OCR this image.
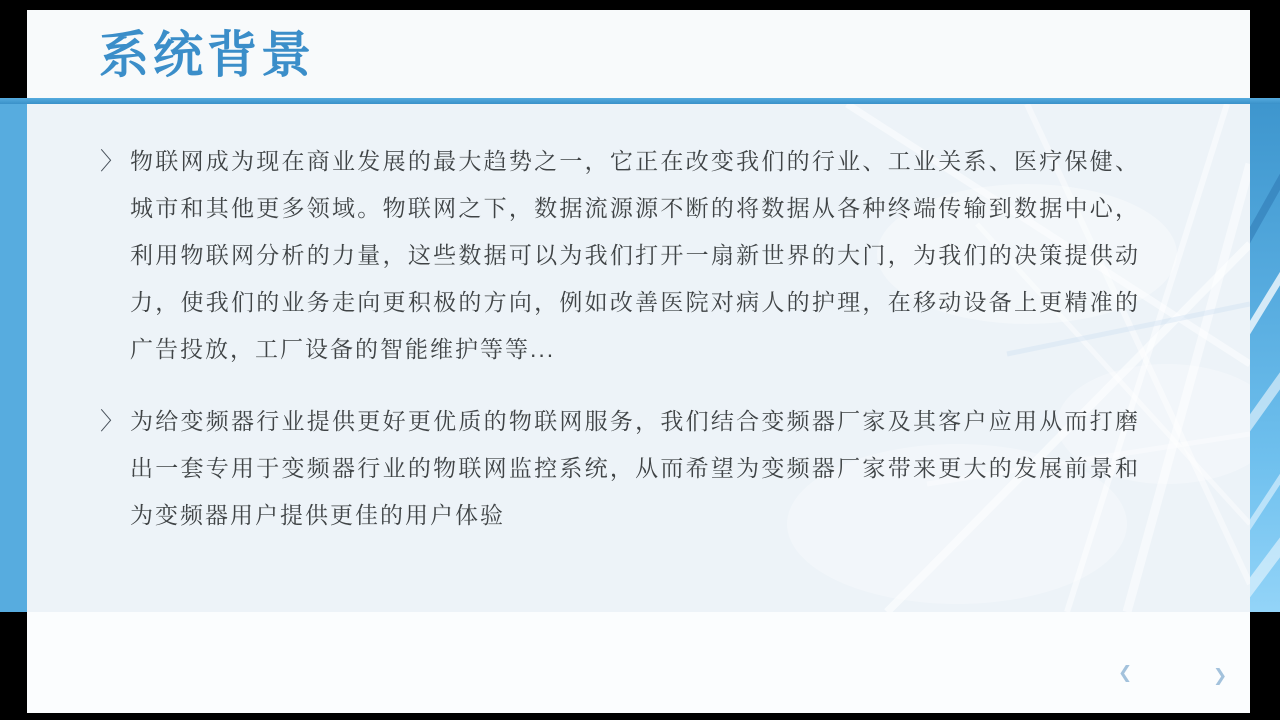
系统背景
〉 物联网成为现在商业发展的最大趋势之一，它正在改变我们的行业、工业关系、医疗保健、城市和其他更多领域。物联网之下，数据流源源不断的将数据从各种终端传输到数据中心，利用物联网分析的力量，这些数据可以为我们打开一扇新世界的大门，为我们的决策提供动力，使我们的业务走向更积极的方向，例如改善医院对病人的护理，在移动设备上更精准的广告投放，工厂设备的智能维护等等...

〉 为给变频器行业提供更好更优质的物联网服务，我们结合变频器厂家及其客户应用从而打磨出一套专用于变频器行业的物联网监控系统，从而希望为变频器厂家带来更大的发展前景和为变频器用户提供更佳的用户体验

❮	❯
